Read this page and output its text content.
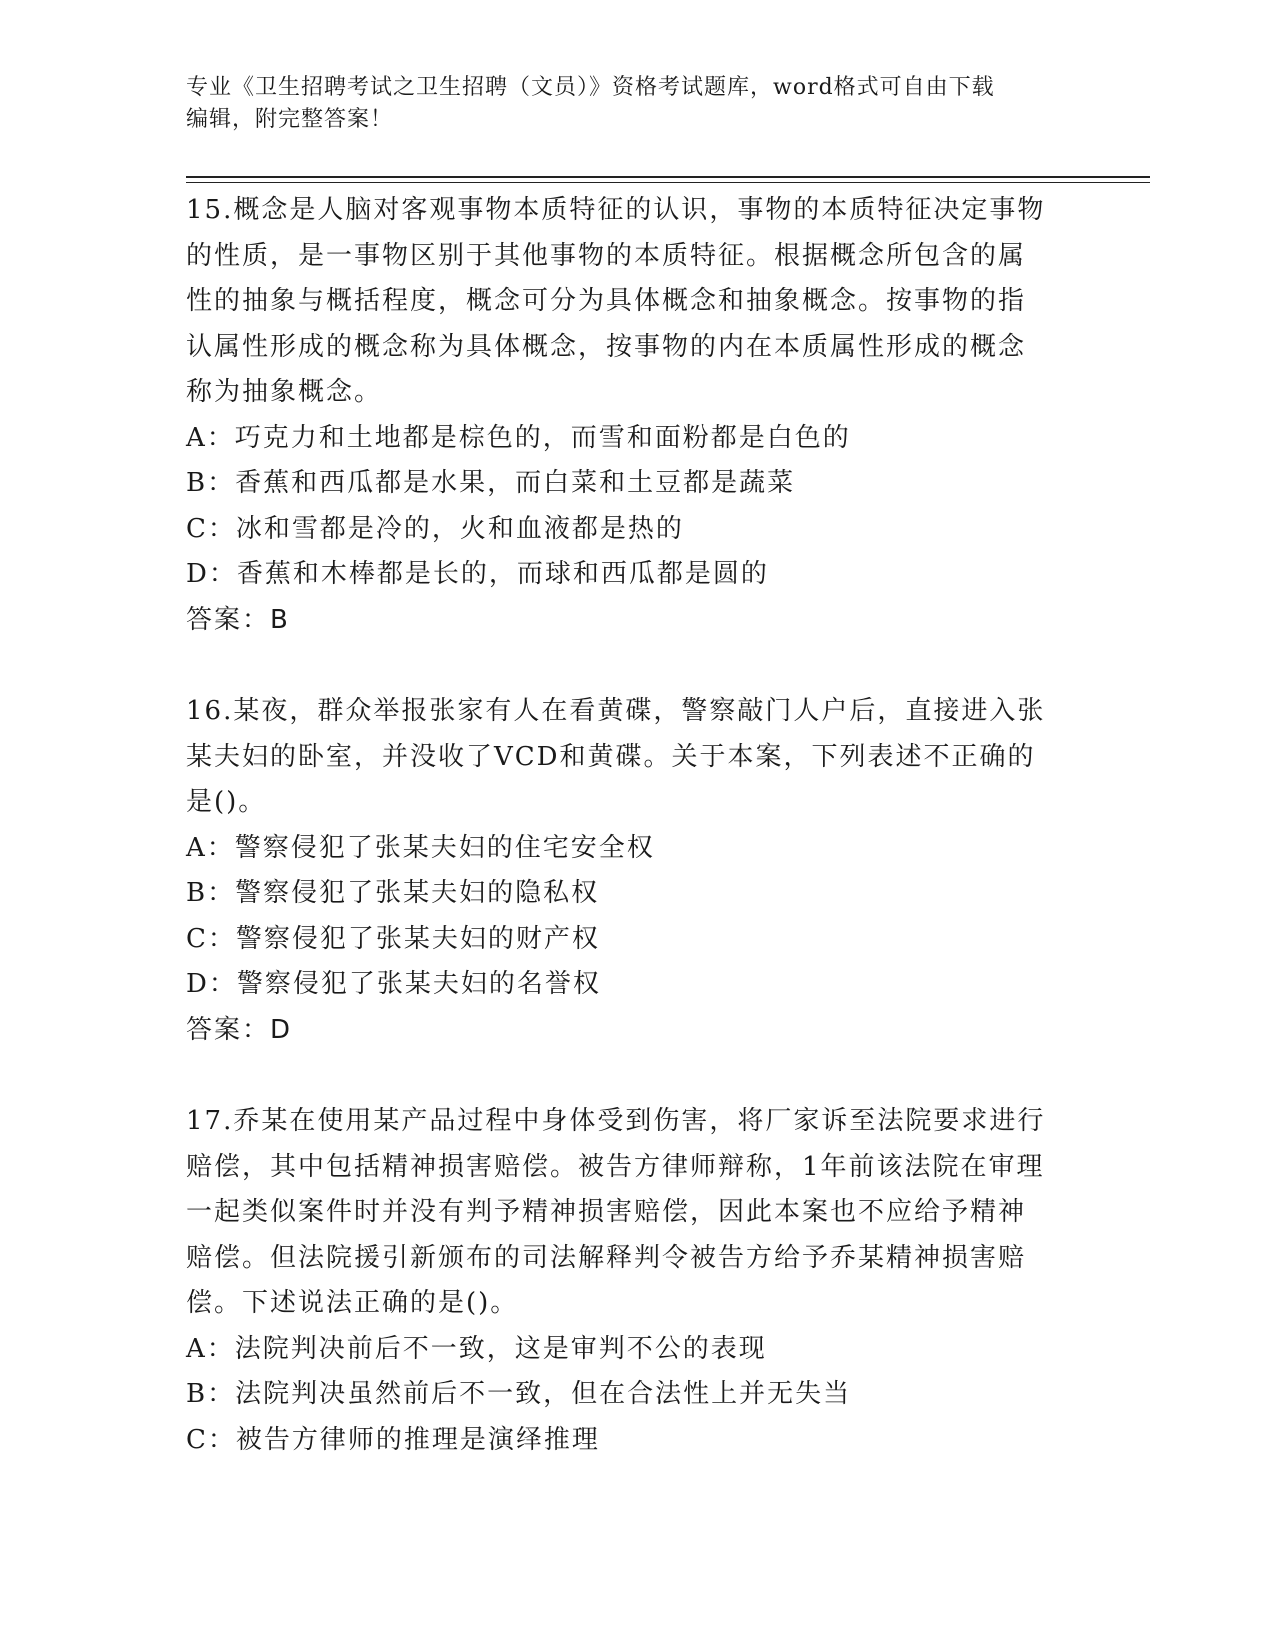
专业《卫生招聘考试之卫生招聘（文员）》资格考试题库，word格式可自由下载
编辑，附完整答案！

15.概念是人脑对客观事物本质特征的认识，事物的本质特征决定事物

的性质，是一事物区别于其他事物的本质特征。根据概念所包含的属

性的抽象与概括程度，概念可分为具体概念和抽象概念。按事物的指

认属性形成的概念称为具体概念，按事物的内在本质属性形成的概念

称为抽象概念。

A：巧克力和土地都是棕色的，而雪和面粉都是白色的

B：香蕉和西瓜都是水果，而白菜和土豆都是蔬菜

C：冰和雪都是冷的，火和血液都是热的

D：香蕉和木棒都是长的，而球和西瓜都是圆的

答案：B

16.某夜，群众举报张家有人在看黄碟，警察敲门人户后，直接进入张

某夫妇的卧室，并没收了VCD和黄碟。关于本案，下列表述不正确的

是()。

A：警察侵犯了张某夫妇的住宅安全权

B：警察侵犯了张某夫妇的隐私权

C：警察侵犯了张某夫妇的财产权

D：警察侵犯了张某夫妇的名誉权

答案：D

17.乔某在使用某产品过程中身体受到伤害，将厂家诉至法院要求进行

赔偿，其中包括精神损害赔偿。被告方律师辩称，1年前该法院在审理

一起类似案件时并没有判予精神损害赔偿，因此本案也不应给予精神

赔偿。但法院援引新颁布的司法解释判令被告方给予乔某精神损害赔

偿。下述说法正确的是()。

A：法院判决前后不一致，这是审判不公的表现

B：法院判决虽然前后不一致，但在合法性上并无失当

C：被告方律师的推理是演绎推理
